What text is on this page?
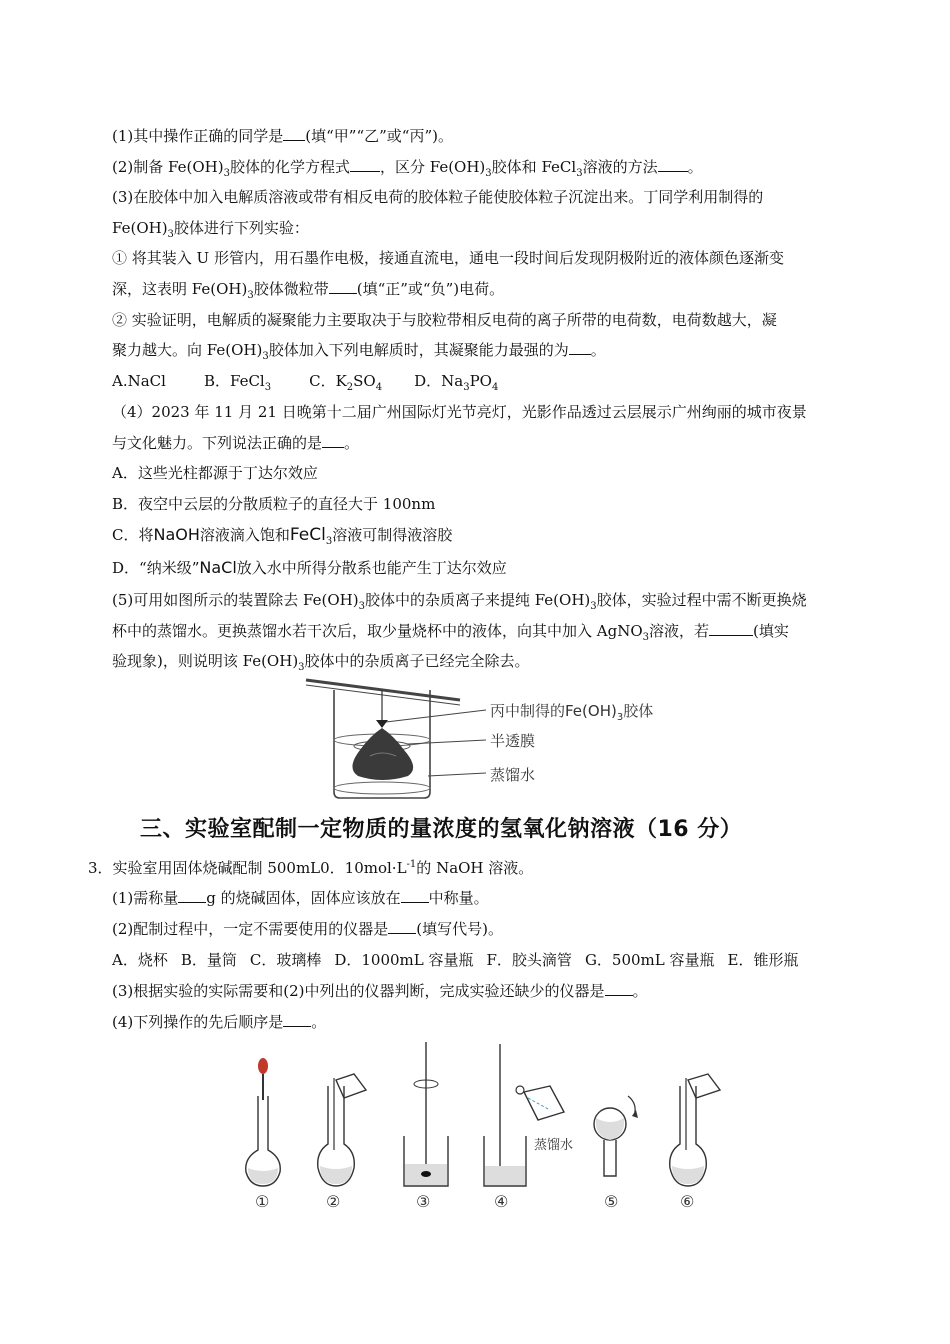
(1)其中操作正确的同学是 (填“甲”“乙”或“丙”)。
(2)制备 $Fe(OH)_3$胶体的化学方程式 ，区分 $Fe(OH)_3$胶体和 FeCl$_3$溶液的方法 。
(3)在胶体中加入电解质溶液或带有相反电荷的胶体粒子能使胶体粒子沉淀出来。丁同学利用制得的
$Fe(OH)_3$胶体进行下列实验：
① 将其装入 U 形管内，用石墨作电极，接通直流电，通电一段时间后发现阴极附近的液体颜色逐渐变
深，这表明 $Fe(OH)_3$胶体微粒带 (填“正”或“负”)电荷。
② 实验证明，电解质的凝聚能力主要取决于与胶粒带相反电荷的离子所带的电荷数，电荷数越大，凝
聚力越大。向 $Fe(OH)_3$胶体加入下列电解质时，其凝聚能力最强的为 。
A.NaCl	B．FeCl$_3$	C．$K_2SO_4$ D．$Na_3PO_4$
（4）2023 年 11 月 21 日晚第十二届广州国际灯光节亮灯，光影作品透过云层展示广州绚丽的城市夜景
与文化魅力。下列说法正确的是 。
A．这些光柱都源于丁达尔效应
B．夜空中云层的分散质粒子的直径大于 100nm
C．将NaOH溶液滴入饱和FeCl$_3$溶液可制得液溶胶
D．“纳米级”NaCl放入水中所得分散系也能产生丁达尔效应
(5)可用如图所示的装置除去 $Fe(OH)_3$胶体中的杂质离子来提纯 $Fe(OH)_3$胶体，实验过程中需不断更换烧
杯中的蒸馏水。更换蒸馏水若干次后，取少量烧杯中的液体，向其中加入 AgNO$_3$溶液，若	(填实
验现象)，则说明该 $Fe(OH)_3$胶体中的杂质离子已经完全除去。
丙中制得的$Fe(OH)_3$胶体
半透膜
蒸馏水
三、实验室配制一定物质的量浓度的氢氧化钠溶液（16 分）
3．实验室用固体烧碱配制 500mL0．$10mol\cdot L^{-1}$的 NaOH 溶液。
(1)需称量 g 的烧碱固体，固体应该放在 中称量。
(2)配制过程中，一定不需要使用的仪器是 (填写代号)。
A．烧杯 B．量筒 C．玻璃棒 D．1000mL 容量瓶 F．胶头滴管 G．500mL 容量瓶 E．锥形瓶
(3)根据实验的实际需要和(2)中列出的仪器判断，完成实验还缺少的仪器是 。
(4)下列操作的先后顺序是 。
蒸馏水
①	②	③	④	⑤	⑥
